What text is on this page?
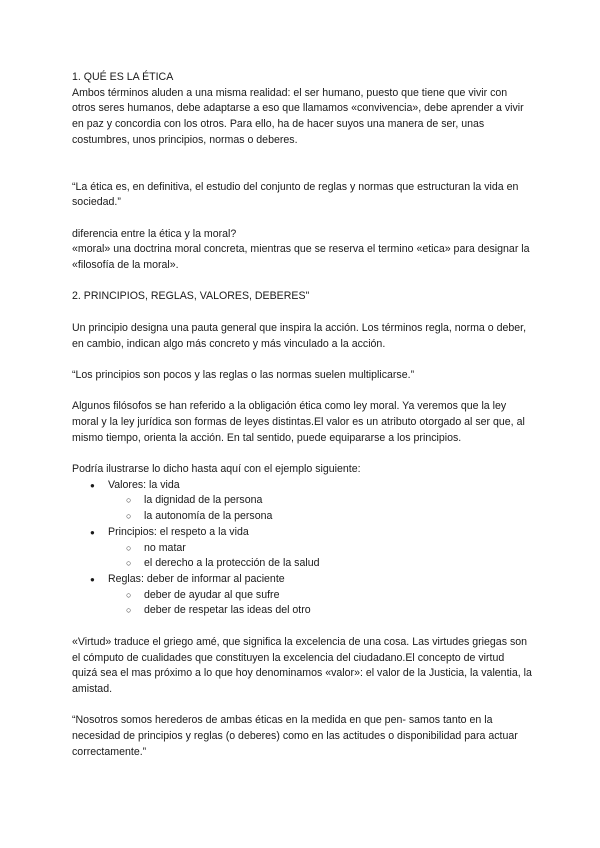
1. QUÉ ES LA ÉTICA

Ambos términos aluden a una misma realidad: el ser humano, puesto que tiene que vivir con otros seres humanos, debe adaptarse a eso que llamamos «convivencia», debe aprender a vivir en paz y concordia con los otros. Para ello, ha de hacer suyos una manera de ser, unas costumbres, unos principios, normas o deberes.

“La ética es, en definitiva, el estudio del conjunto de reglas y normas que estructuran la vida en sociedad.”

diferencia entre la ética y la moral?

«moral» una doctrina moral concreta, mientras que se reserva el termino «etica» para designar la «filosofía de la moral».

2. PRINCIPIOS, REGLAS, VALORES, DEBERES"

Un principio designa una pauta general que inspira la acción. Los términos regla, norma o deber, en cambio, indican algo más concreto y más vinculado a la acción.

“Los principios son pocos y las reglas o las normas suelen multiplicarse.”

Algunos filósofos se han referido a la obligación ética como ley moral. Ya veremos que la ley moral y la ley jurídica son formas de leyes distintas.El valor es un atributo otorgado al ser que, al mismo tiempo, orienta la acción. En tal sentido, puede equipararse a los principios.

Podría ilustrarse lo dicho hasta aquí con el ejemplo siguiente:

● Valores: la vida
○ la dignidad de la persona
○ la autonomía de la persona
● Principios: el respeto a la vida
○ no matar
○ el derecho a la protección de la salud
● Reglas: deber de informar al paciente
○ deber de ayudar al que sufre
○ deber de respetar las ideas del otro

«Virtud» traduce el griego amé, que significa la excelencia de una cosa. Las virtudes griegas son el cómputo de cualidades que constituyen la excelencia del ciudadano.El concepto de virtud quizá sea el mas próximo a lo que hoy denominamos «valor»: el valor de la Justicia, la valentia, la amistad.

“Nosotros somos herederos de ambas éticas en la medida en que pen- samos tanto en la necesidad de principios y reglas (o deberes) como en las actitudes o disponibilidad para actuar correctamente.”
